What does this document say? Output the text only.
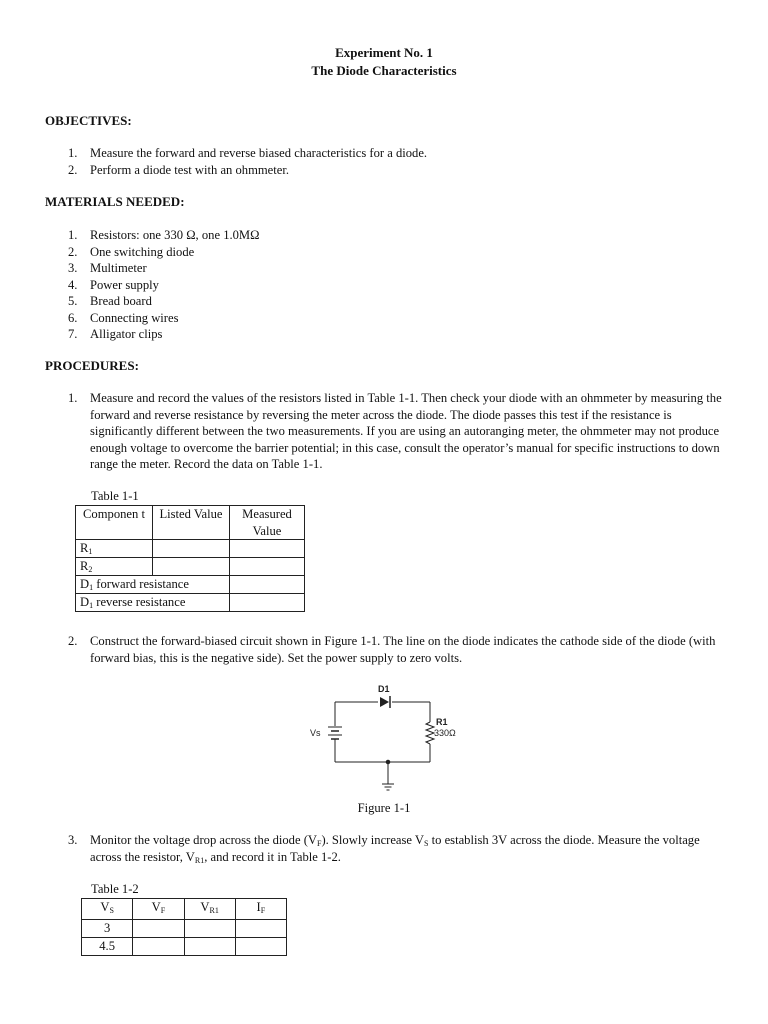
Experiment No. 1
The Diode Characteristics
OBJECTIVES:
1. Measure the forward and reverse biased characteristics for a diode.
2. Perform a diode test with an ohmmeter.
MATERIALS NEEDED:
1. Resistors: one 330 Ω, one 1.0MΩ
2. One switching diode
3. Multimeter
4. Power supply
5. Bread board
6. Connecting wires
7. Alligator clips
PROCEDURES:
1. Measure and record the values of the resistors listed in Table 1-1. Then check your diode with an ohmmeter by measuring the forward and reverse resistance by reversing the meter across the diode. The diode passes this test if the resistance is significantly different between the two measurements. If you are using an autoranging meter, the ohmmeter may not produce enough voltage to overcome the barrier potential; in this case, consult the operator’s manual for specific instructions to down range the meter. Record the data on Table 1-1.
Table 1-1
Componen t	Listed Value	Measured Value
$R_1$		
$R_2$		
$D_1$ forward resistance		
$D_1$ reverse resistance		
2. Construct the forward-biased circuit shown in Figure 1-1. The line on the diode indicates the cathode side of the diode (with forward bias, this is the negative side). Set the power supply to zero volts.
D1
R1
330Ω
Vs
Figure 1-1
3. Monitor the voltage drop across the diode $(V_F)$. Slowly increase $V_S$ to establish 3V across the diode. Measure the voltage across the resistor, $V_{R1}$, and record it in Table 1-2.
Table 1-2
$V_S$	$V_F$	$V_{R1}$	$I_F$
3			
4.5			
